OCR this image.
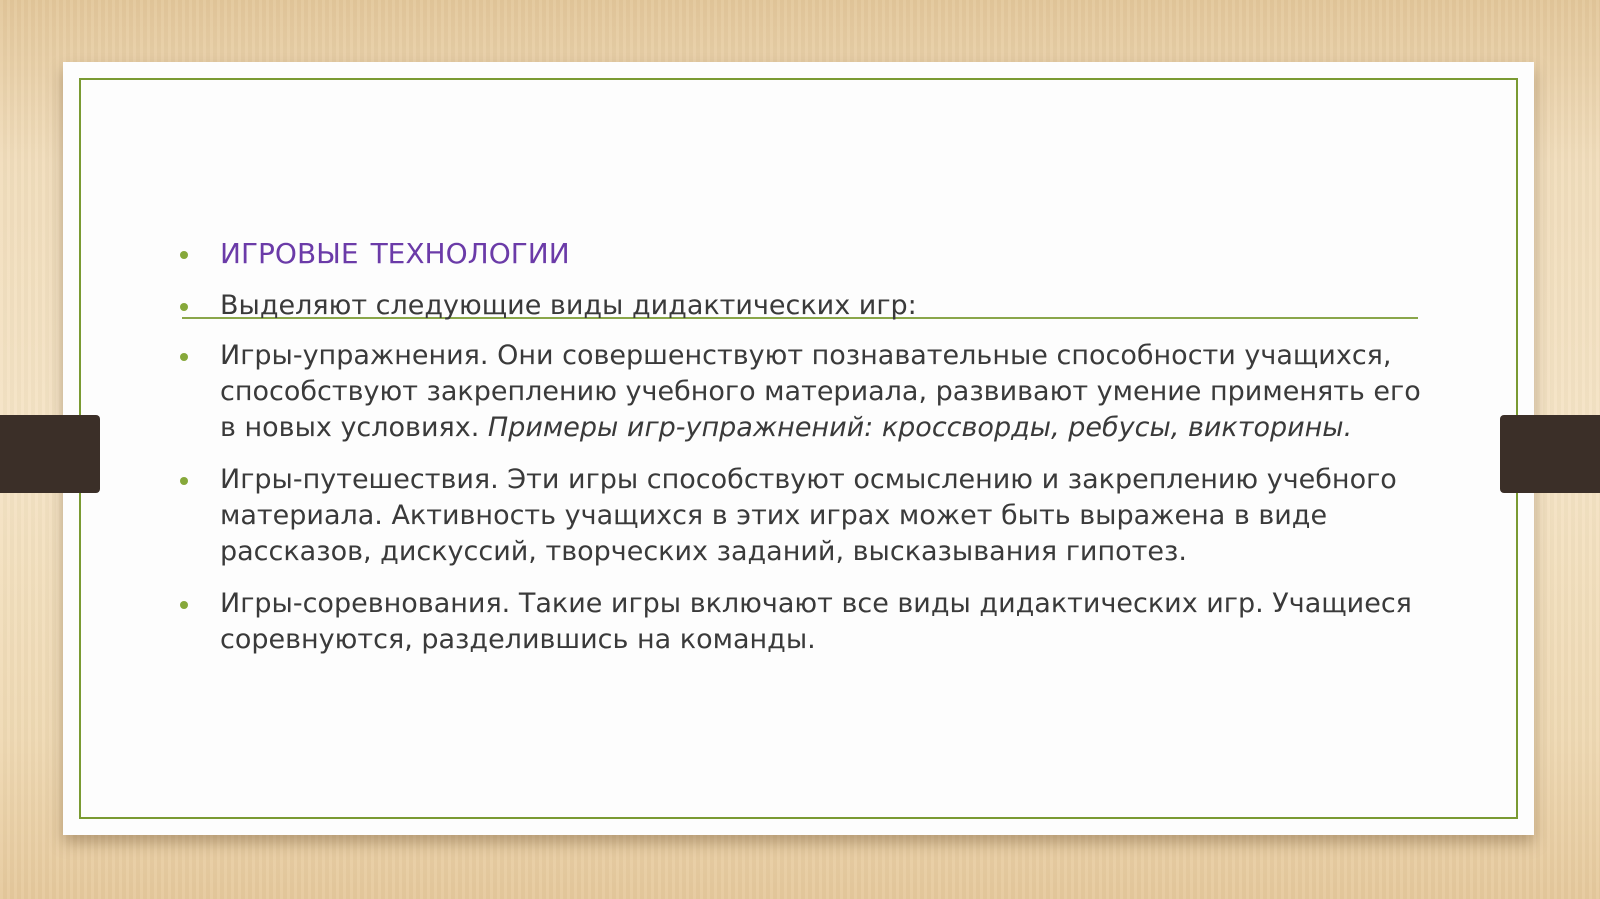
ИГРОВЫЕ ТЕХНОЛОГИИ
Выделяют следующие виды дидактических игр:
Игры-упражнения. Они совершенствуют познавательные способности учащихся, способствуют закреплению учебного материала, развивают умение применять его в новых условиях. Примеры игр-упражнений: кроссворды, ребусы, викторины.
Игры-путешествия. Эти игры способствуют осмыслению и закреплению учебного материала. Активность учащихся в этих играх может быть выражена в виде рассказов, дискуссий, творческих заданий, высказывания гипотез.
Игры-соревнования. Такие игры включают все виды дидактических игр. Учащиеся соревнуются, разделившись на команды.
